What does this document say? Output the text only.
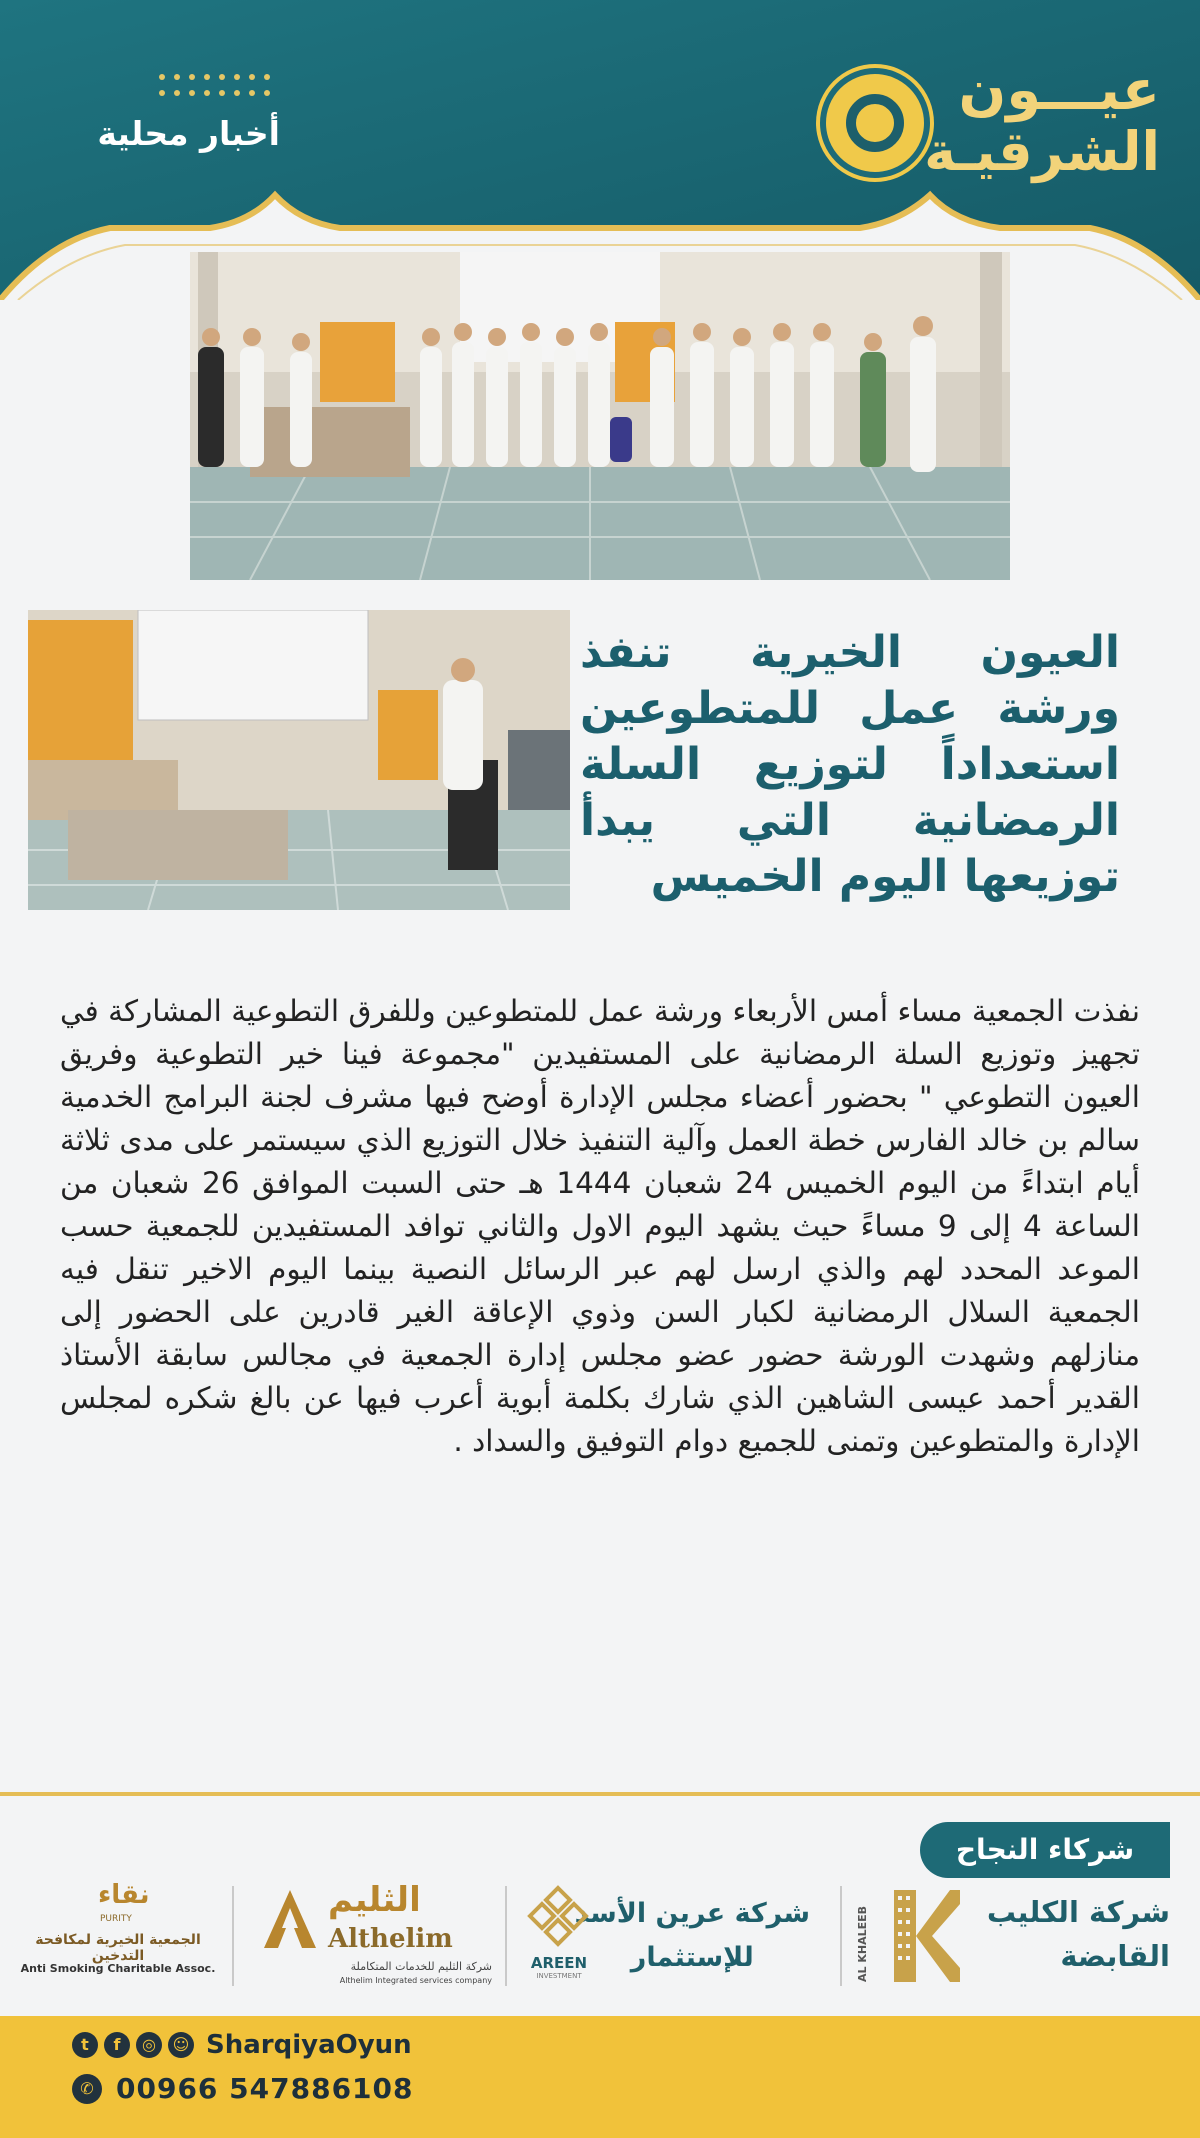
عيـــون
الشرقيـة
أخبار محلية
العيون الخيرية تنفذ ورشة عمل للمتطوعين استعداداً لتوزيع السلة الرمضانية التي يبدأ توزيعها اليوم الخميس
نفذت الجمعية مساء أمس الأربعاء ورشة عمل للمتطوعين وللفرق التطوعية المشاركة في تجهيز وتوزيع السلة الرمضانية على المستفيدين "مجموعة فينا خير التطوعية وفريق العيون التطوعي " بحضور أعضاء مجلس الإدارة أوضح فيها مشرف لجنة البرامج الخدمية سالم بن خالد الفارس خطة العمل وآلية التنفيذ خلال التوزيع الذي سيستمر على مدى ثلاثة أيام ابتداءً من اليوم الخميس 24 شعبان 1444 هـ حتى السبت الموافق 26 شعبان من الساعة 4 إلى 9 مساءً حيث يشهد اليوم الاول والثاني توافد المستفيدين للجمعية حسب الموعد المحدد لهم والذي ارسل لهم عبر الرسائل النصية بينما اليوم الاخير تنقل فيه الجمعية السلال الرمضانية لكبار السن وذوي الإعاقة الغير قادرين على الحضور إلى منازلهم وشهدت الورشة حضور عضو مجلس إدارة الجمعية في مجالس سابقة الأستاذ القدير أحمد عيسى الشاهين الذي شارك بكلمة أبوية أعرب فيها عن بالغ شكره لمجلس الإدارة والمتطوعين وتمنى للجميع دوام التوفيق والسداد .
شركاء النجاح
شركة الكليب
القابضة
AL KHALEEB
شركة عرين الأسد
للإستثمار
AREEN
INVESTMENT
الثليم
Althelim
شركة الثليم للخدمات المتكاملة
Althelim Integrated services company
نقاء
PURITY
الجمعية الخيرية لمكافحة التدخين
Anti Smoking Charitable Assoc.
t	f	◎	☺ SharqiyaOyun
✆ 00966 547886108
